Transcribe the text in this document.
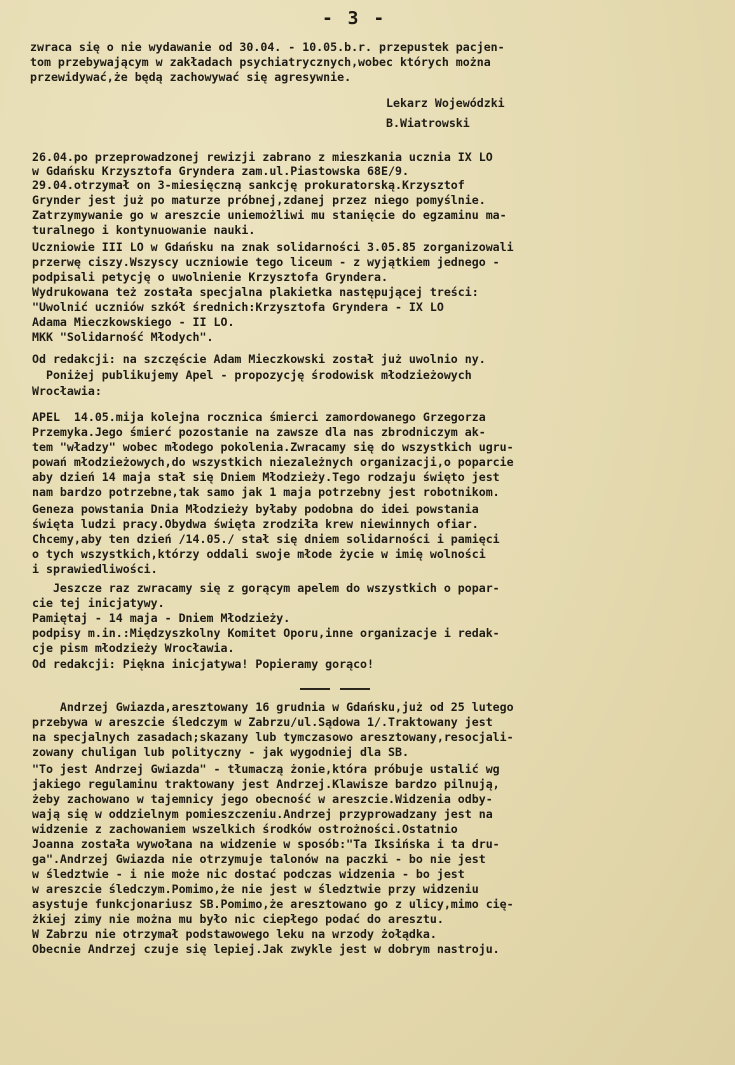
- 3 -
zwraca się o nie wydawanie od 30.04. - 10.05.b.r. przepustek pacjen-
tom przebywającym w zakładach psychiatrycznych,wobec których można
przewidywać,że będą zachowywać się agresywnie.
Lekarz Wojewódzki
B.Wiatrowski
26.04.po przeprowadzonej rewizji zabrano z mieszkania ucznia IX LO
w Gdańsku Krzysztofa Gryndera zam.ul.Piastowska 68E/9.
29.04.otrzymał on 3-miesięczną sankcję prokuratorską.Krzysztof
Grynder jest już po maturze próbnej,zdanej przez niego pomyślnie.
Zatrzymywanie go w areszcie uniemożliwi mu stanięcie do egzaminu ma-
turalnego i kontynuowanie nauki.
Uczniowie III LO w Gdańsku na znak solidarności 3.05.85 zorganizowali
przerwę ciszy.Wszyscy uczniowie tego liceum - z wyjątkiem jednego -
podpisali petycję o uwolnienie Krzysztofa Gryndera.
Wydrukowana też została specjalna plakietka następującej treści:
"Uwolnić uczniów szkół średnich:Krzysztofa Gryndera - IX LO
Adama Mieczkowskiego - II LO.
MKK "Solidarność Młodych".
Od redakcji: na szczęście Adam Mieczkowski został już uwolnio ny.
Poniżej publikujemy Apel - propozycję środowisk młodzieżowych
Wrocławia:
APEL  14.05.mija kolejna rocznica śmierci zamordowanego Grzegorza
Przemyka.Jego śmierć pozostanie na zawsze dla nas zbrodniczym ak-
tem "władzy" wobec młodego pokolenia.Zwracamy się do wszystkich ugru-
powań młodzieżowych,do wszystkich niezależnych organizacji,o poparcie
aby dzień 14 maja stał się Dniem Młodzieży.Tego rodzaju święto jest
nam bardzo potrzebne,tak samo jak 1 maja potrzebny jest robotnikom.
Geneza powstania Dnia Młodzieży byłaby podobna do idei powstania
święta ludzi pracy.Obydwa święta zrodziła krew niewinnych ofiar.
Chcemy,aby ten dzień /14.05./ stał się dniem solidarności i pamięci
o tych wszystkich,którzy oddali swoje młode życie w imię wolności
i sprawiedliwości.
Jeszcze raz zwracamy się z gorącym apelem do wszystkich o popar-
cie tej inicjatywy.
Pamiętaj - 14 maja - Dniem Młodzieży.
podpisy m.in.:Międzyszkolny Komitet Oporu,inne organizacje i redak-
cje pism młodzieży Wrocławia.
Od redakcji: Piękna inicjatywa! Popieramy gorąco!
Andrzej Gwiazda,aresztowany 16 grudnia w Gdańsku,już od 25 lutego
przebywa w areszcie śledczym w Zabrzu/ul.Sądowa 1/.Traktowany jest
na specjalnych zasadach;skazany lub tymczasowo aresztowany,resocjali-
zowany chuligan lub polityczny - jak wygodniej dla SB.
"To jest Andrzej Gwiazda" - tłumaczą żonie,która próbuje ustalić wg
jakiego regulaminu traktowany jest Andrzej.Klawisze bardzo pilnują,
żeby zachowano w tajemnicy jego obecność w areszcie.Widzenia odby-
wają się w oddzielnym pomieszczeniu.Andrzej przyprowadzany jest na
widzenie z zachowaniem wszelkich środków ostrożności.Ostatnio
Joanna została wywołana na widzenie w sposób:"Ta Iksińska i ta dru-
ga".Andrzej Gwiazda nie otrzymuje talonów na paczki - bo nie jest
w śledztwie - i nie może nic dostać podczas widzenia - bo jest
w areszcie śledczym.Pomimo,że nie jest w śledztwie przy widzeniu
asystuje funkcjonariusz SB.Pomimo,że aresztowano go z ulicy,mimo cię-
żkiej zimy nie można mu było nic ciepłego podać do aresztu.
W Zabrzu nie otrzymał podstawowego leku na wrzody żołądka.
Obecnie Andrzej czuje się lepiej.Jak zwykle jest w dobrym nastroju.
